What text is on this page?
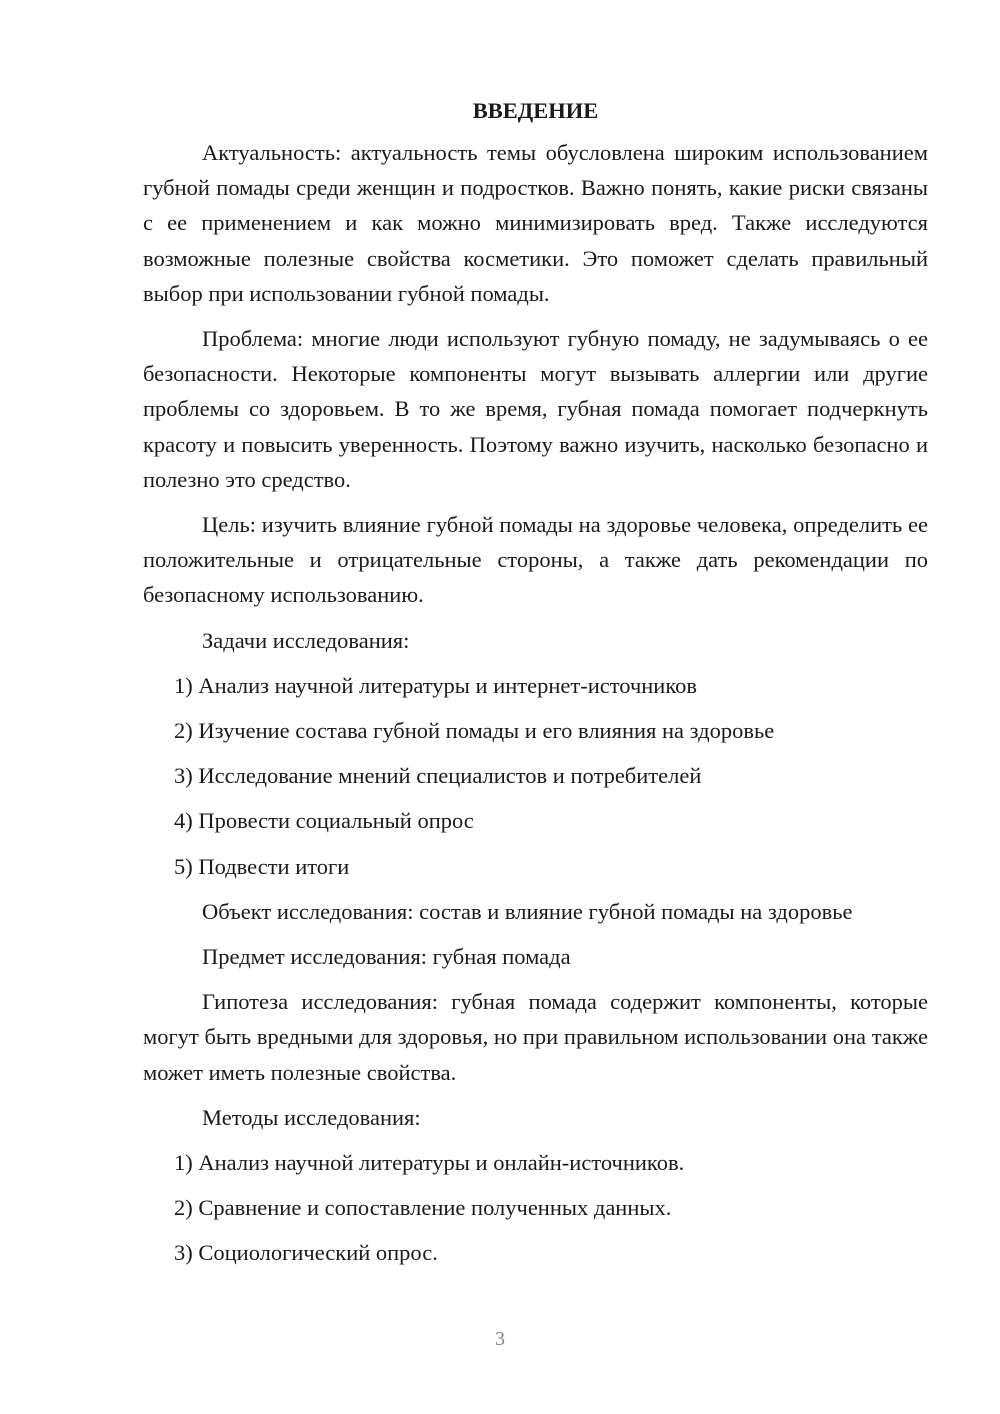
ВВЕДЕНИЕ

Актуальность: актуальность темы обусловлена широким использованием губной помады среди женщин и подростков. Важно понять, какие риски связаны с ее применением и как можно минимизировать вред. Также исследуются возможные полезные свойства косметики. Это поможет сделать правильный выбор при использовании губной помады.

Проблема: многие люди используют губную помаду, не задумываясь о ее безопасности. Некоторые компоненты могут вызывать аллергии или другие проблемы со здоровьем. В то же время, губная помада помогает подчеркнуть красоту и повысить уверенность. Поэтому важно изучить, насколько безопасно и полезно это средство.

Цель: изучить влияние губной помады на здоровье человека, определить ее положительные и отрицательные стороны, а также дать рекомендации по безопасному использованию.

Задачи исследования:

1) Анализ научной литературы и интернет-источников
2) Изучение состава губной помады и его влияния на здоровье
3) Исследование мнений специалистов и потребителей
4) Провести социальный опрос
5) Подвести итоги

Объект исследования: состав и влияние губной помады на здоровье

Предмет исследования: губная помада

Гипотеза исследования: губная помада содержит компоненты, которые могут быть вредными для здоровья, но при правильном использовании она также может иметь полезные свойства.

Методы исследования:

1) Анализ научной литературы и онлайн-источников.
2) Сравнение и сопоставление полученных данных.
3) Социологический опрос.
3
